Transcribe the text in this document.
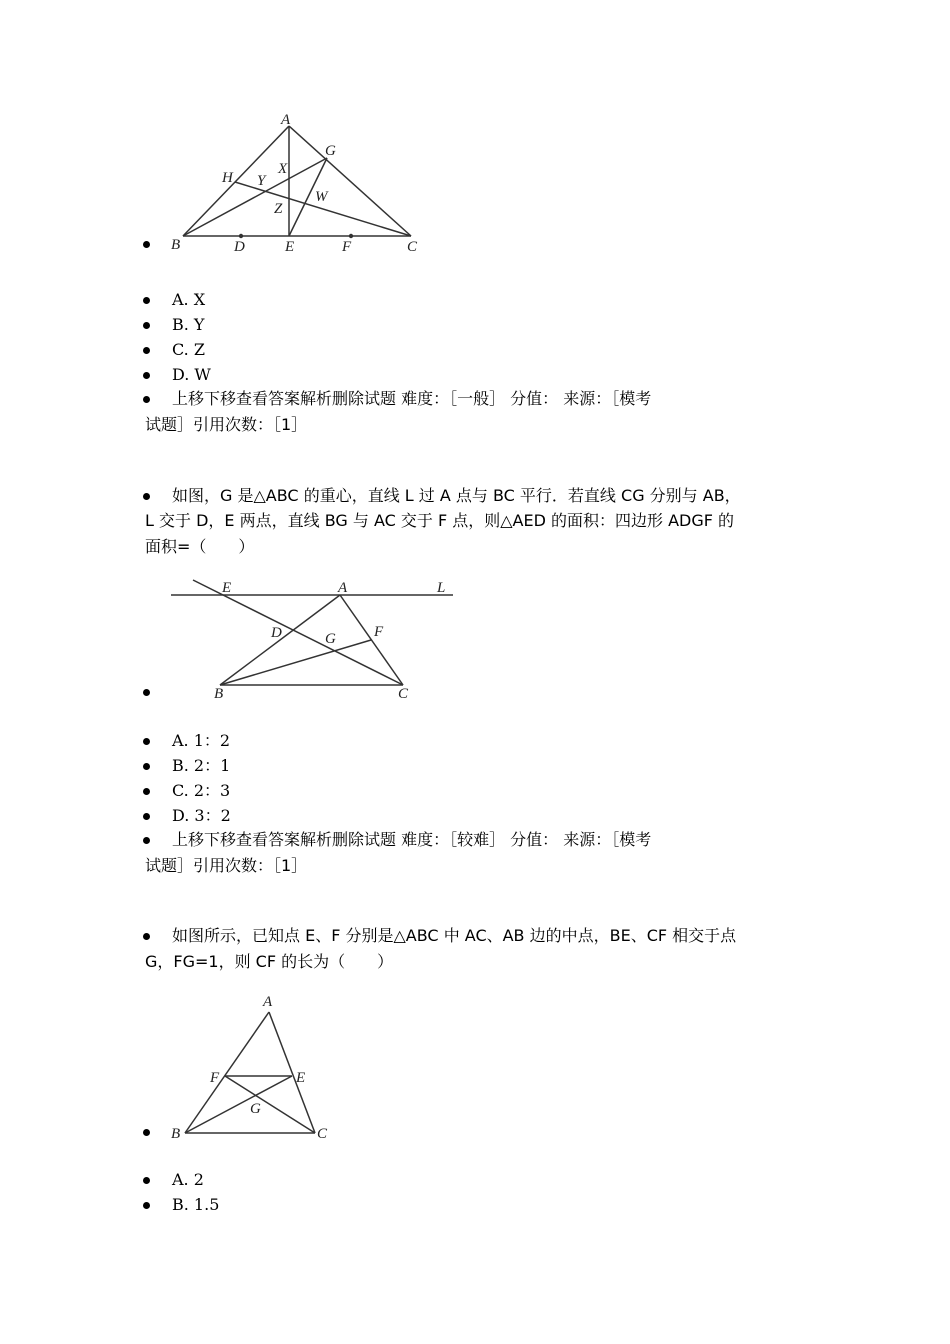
A
G
H
X
Y
Z
W
B	D	E	F	C
A. X
B. Y
C. Z
D. W
上移下移查看答案解析删除试题 难度：［一般］ 分值： 来源：［模考
试题］引用次数：［1］
如图，G 是△ABC 的重心，直线 L 过 A 点与 BC 平行．若直线 CG 分别与 AB，
L 交于 D，E 两点，直线 BG 与 AC 交于 F 点，则△AED 的面积：四边形 ADGF 的
面积=（　　）
E	A	L
D	G	F
B	C
A. 1：2
B. 2：1
C. 2：3
D. 3：2
上移下移查看答案解析删除试题 难度：［较难］ 分值： 来源：［模考
试题］引用次数：［1］
如图所示，已知点 E、F 分别是△ABC 中 AC、AB 边的中点，BE、CF 相交于点
G，FG=1，则 CF 的长为（　　）
A
F	E
G
B	C
A. 2
B. 1.5
